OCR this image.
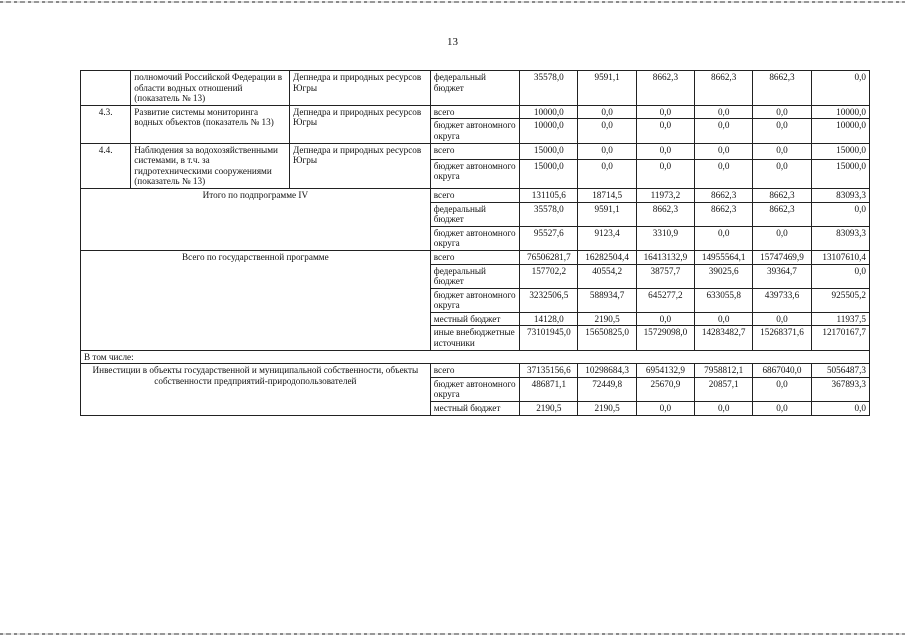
13
	полномочий Российской Федерации в области водных отношений (показатель № 13)	Депнедра и природных ресурсов Югры	федеральный бюджет	35578,0	9591,1	8662,3	8662,3	8662,3	0,0
4.3.	Развитие системы мониторинга водных объектов (показатель № 13)	Депнедра и природных ресурсов Югры	всего	10000,0	0,0	0,0	0,0	0,0	10000,0
			бюджет автономного округа	10000,0	0,0	0,0	0,0	0,0	10000,0
4.4.	Наблюдения за водохозяйственными системами, в т.ч. за гидротехническими сооружениями (показатель № 13)	Депнедра и природных ресурсов Югры	всего	15000,0	0,0	0,0	0,0	0,0	15000,0
			бюджет автономного округа	15000,0	0,0	0,0	0,0	0,0	15000,0
Итого по подпрограмме IV			всего	131105,6	18714,5	11973,2	8662,3	8662,3	83093,3
			федеральный бюджет	35578,0	9591,1	8662,3	8662,3	8662,3	0,0
			бюджет автономного округа	95527,6	9123,4	3310,9	0,0	0,0	83093,3
Всего по государственной программе			всего	76506281,7	16282504,4	16413132,9	14955564,1	15747469,9	13107610,4
			федеральный бюджет	157702,2	40554,2	38757,7	39025,6	39364,7	0,0
			бюджет автономного округа	3232506,5	588934,7	645277,2	633055,8	439733,6	925505,2
			местный бюджет	14128,0	2190,5	0,0	0,0	0,0	11937,5
			иные внебюджетные источники	73101945,0	15650825,0	15729098,0	14283482,7	15268371,6	12170167,7
В том числе:									
Инвестиции в объекты государственной и муниципальной собственности, объекты собственности предприятий-природопользователей			всего	37135156,6	10298684,3	6954132,9	7958812,1	6867040,0	5056487,3
			бюджет автономного округа	486871,1	72449,8	25670,9	20857,1	0,0	367893,3
			местный бюджет	2190,5	2190,5	0,0	0,0	0,0	0,0
